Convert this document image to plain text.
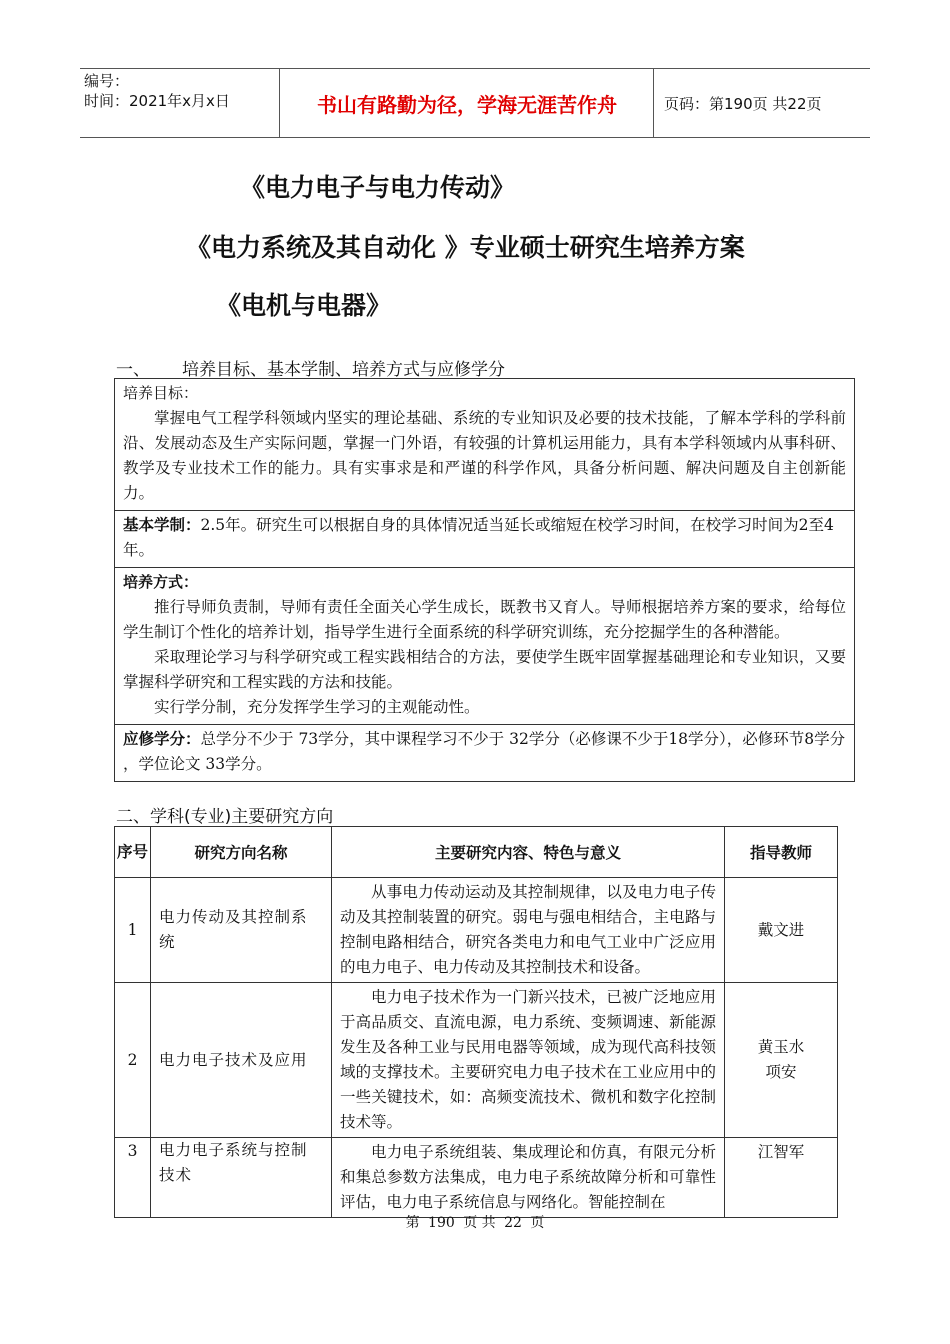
编号：
时间：2021年x月x日	书山有路勤为径，学海无涯苦作舟	页码：第190页 共22页
《电力电子与电力传动》
《电力系统及其自动化 》专业硕士研究生培养方案
《电机与电器》
一、 培养目标、基本学制、培养方式与应修学分
培养目标：

掌握电气工程学科领域内坚实的理论基础、系统的专业知识及必要的技术技能，了解本学科的学科前沿、发展动态及生产实际问题，掌握一门外语，有较强的计算机运用能力，具有本学科领域内从事科研、教学及专业技术工作的能力。具有实事求是和严谨的科学作风，具备分析问题、解决问题及自主创新能力。

基本学制：2.5年。研究生可以根据自身的具体情况适当延长或缩短在校学习时间，在校学习时间为2至4年。
培养方式：

推行导师负责制，导师有责任全面关心学生成长，既教书又育人。导师根据培养方案的要求，给每位学生制订个性化的培养计划，指导学生进行全面系统的科学研究训练，充分挖掘学生的各种潜能。

采取理论学习与科学研究或工程实践相结合的方法，要使学生既牢固掌握基础理论和专业知识，又要掌握科学研究和工程实践的方法和技能。

实行学分制，充分发挥学生学习的主观能动性。

应修学分：总学分不少于 73学分，其中课程学习不少于 32学分（必修课不少于18学分），必修环节8学分 ，学位论文 33学分。
二、学科(专业)主要研究方向
序号	研究方向名称	主要研究内容、特色与意义	指导教师
1	电力传动及其控制系统	从事电力传动运动及其控制规律，以及电力电子传动及其控制装置的研究。弱电与强电相结合，主电路与控制电路相结合，研究各类电力和电气工业中广泛应用的电力电子、电力传动及其控制技术和设备。	戴文进
2	电力电子技术及应用	电力电子技术作为一门新兴技术，已被广泛地应用于高品质交、直流电源，电力系统、变频调速、新能源发生及各种工业与民用电器等领域，成为现代高科技领域的支撑技术。主要研究电力电子技术在工业应用中的一些关键技术，如：高频变流技术、微机和数字化控制技术等。	黄玉水
项安
3	电力电子系统与控制技术	电力电子系统组装、集成理论和仿真，有限元分析和集总参数方法集成，电力电子系统故障分析和可靠性评估，电力电子系统信息与网络化。智能控制在	江智军
第 190 页 共 22 页
